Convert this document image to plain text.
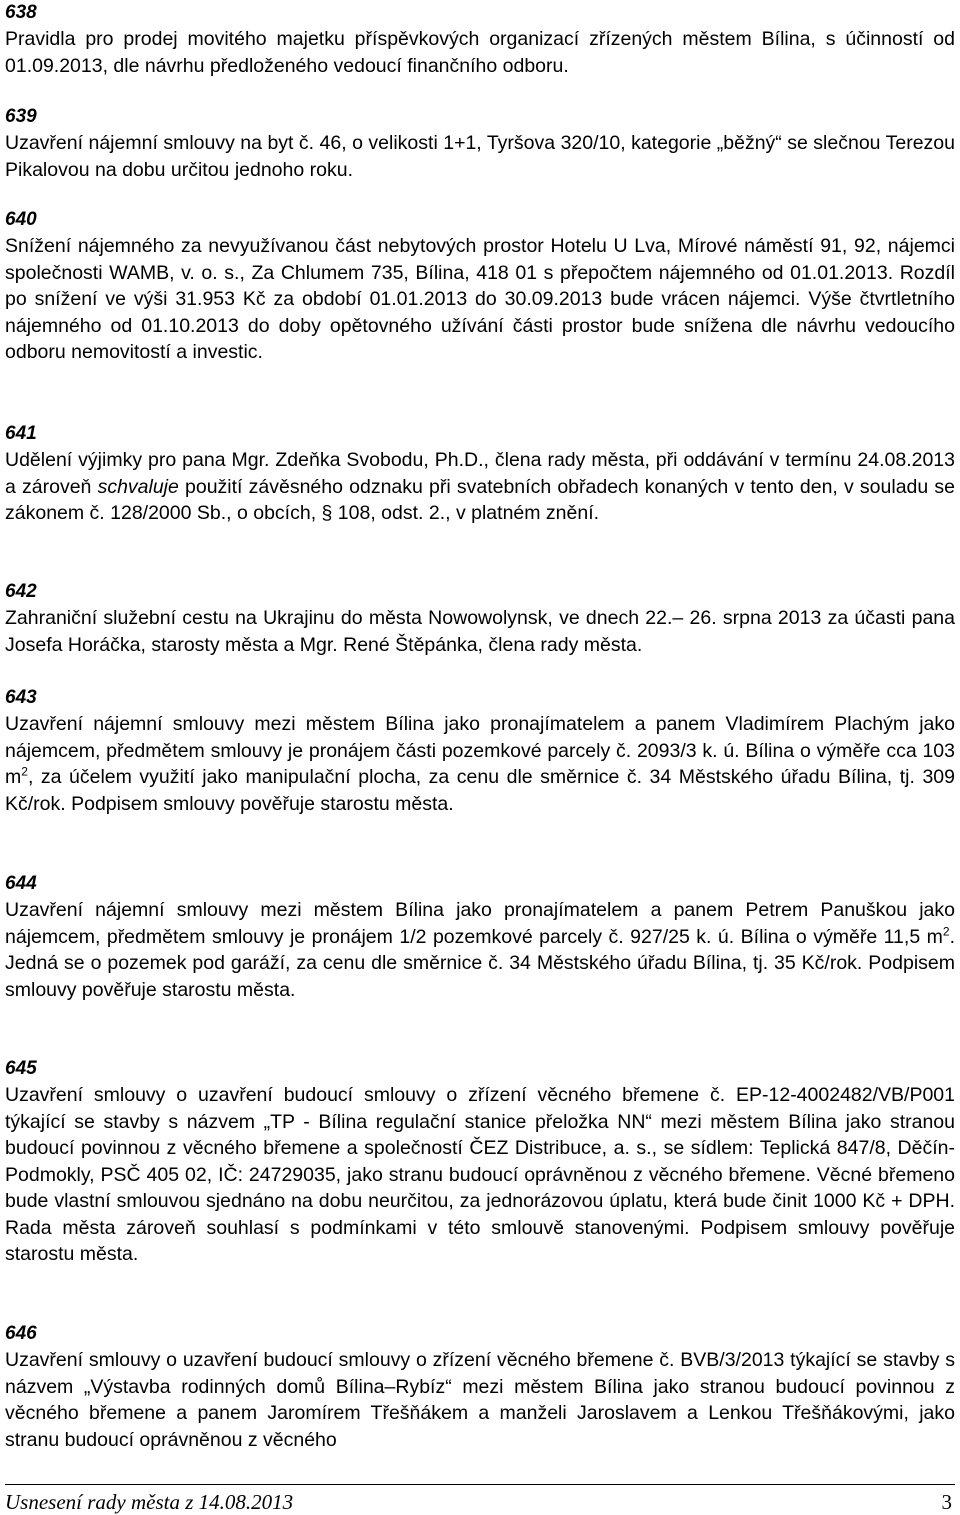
638

Pravidla pro prodej movitého majetku příspěvkových organizací zřízených městem Bílina, s účinností od 01.09.2013, dle návrhu předloženého vedoucí finančního odboru.

639

Uzavření nájemní smlouvy na byt č. 46, o velikosti 1+1, Tyršova 320/10, kategorie „běžný“ se slečnou Terezou Pikalovou na dobu určitou jednoho roku.

640

Snížení nájemného za nevyužívanou část nebytových prostor Hotelu U Lva, Mírové náměstí 91, 92, nájemci společnosti WAMB, v. o. s., Za Chlumem 735, Bílina, 418 01 s přepočtem nájemného od 01.01.2013. Rozdíl po snížení ve výši 31.953 Kč za období 01.01.2013 do 30.09.2013 bude vrácen nájemci. Výše čtvrtletního nájemného od 01.10.2013 do doby opětovného užívání části prostor bude snížena dle návrhu vedoucího odboru nemovitostí a investic.

641

Udělení výjimky pro pana Mgr. Zdeňka Svobodu, Ph.D., člena rady města, při oddávání v termínu 24.08.2013 a zároveň schvaluje použití závěsného odznaku při svatebních obřadech konaných v tento den, v souladu se zákonem č. 128/2000 Sb., o obcích, § 108, odst. 2., v platném znění.

642

Zahraniční služební cestu na Ukrajinu do města Nowowolynsk, ve dnech 22.– 26. srpna 2013 za účasti pana Josefa Horáčka, starosty města a Mgr. René Štěpánka, člena rady města.

643

Uzavření nájemní smlouvy mezi městem Bílina jako pronajímatelem a panem Vladimírem Plachým jako nájemcem, předmětem smlouvy je pronájem části pozemkové parcely č. 2093/3 k. ú. Bílina o výměře cca 103 $m^2$, za účelem využití jako manipulační plocha, za cenu dle směrnice č. 34 Městského úřadu Bílina, tj. 309 Kč/rok. Podpisem smlouvy pověřuje starostu města.

644

Uzavření nájemní smlouvy mezi městem Bílina jako pronajímatelem a panem Petrem Panuškou jako nájemcem, předmětem smlouvy je pronájem 1/2 pozemkové parcely č. 927/25 k. ú. Bílina o výměře 11,5 $m^2$. Jedná se o pozemek pod garáží, za cenu dle směrnice č. 34 Městského úřadu Bílina, tj. 35 Kč/rok. Podpisem smlouvy pověřuje starostu města.

645

Uzavření smlouvy o uzavření budoucí smlouvy o zřízení věcného břemene č. EP-12-4002482/VB/P001 týkající se stavby s názvem „TP - Bílina regulační stanice přeložka NN“ mezi městem Bílina jako stranou budoucí povinnou z věcného břemene a společností ČEZ Distribuce, a. s., se sídlem: Teplická 847/8, Děčín-Podmokly, PSČ 405 02, IČ: 24729035, jako stranu budoucí oprávněnou z věcného břemene. Věcné břemeno bude vlastní smlouvou sjednáno na dobu neurčitou, za jednorázovou úplatu, která bude činit 1000 Kč + DPH. Rada města zároveň souhlasí s podmínkami v této smlouvě stanovenými. Podpisem smlouvy pověřuje starostu města.

646

Uzavření smlouvy o uzavření budoucí smlouvy o zřízení věcného břemene č. BVB/3/2013 týkající se stavby s názvem „Výstavba rodinných domů Bílina–Rybíz“ mezi městem Bílina jako stranou budoucí povinnou z věcného břemene a panem Jaromírem Třešňákem a manželi Jaroslavem a Lenkou Třešňákovými, jako stranu budoucí oprávněnou z věcného

Usnesení rady města z 14.08.2013	3
